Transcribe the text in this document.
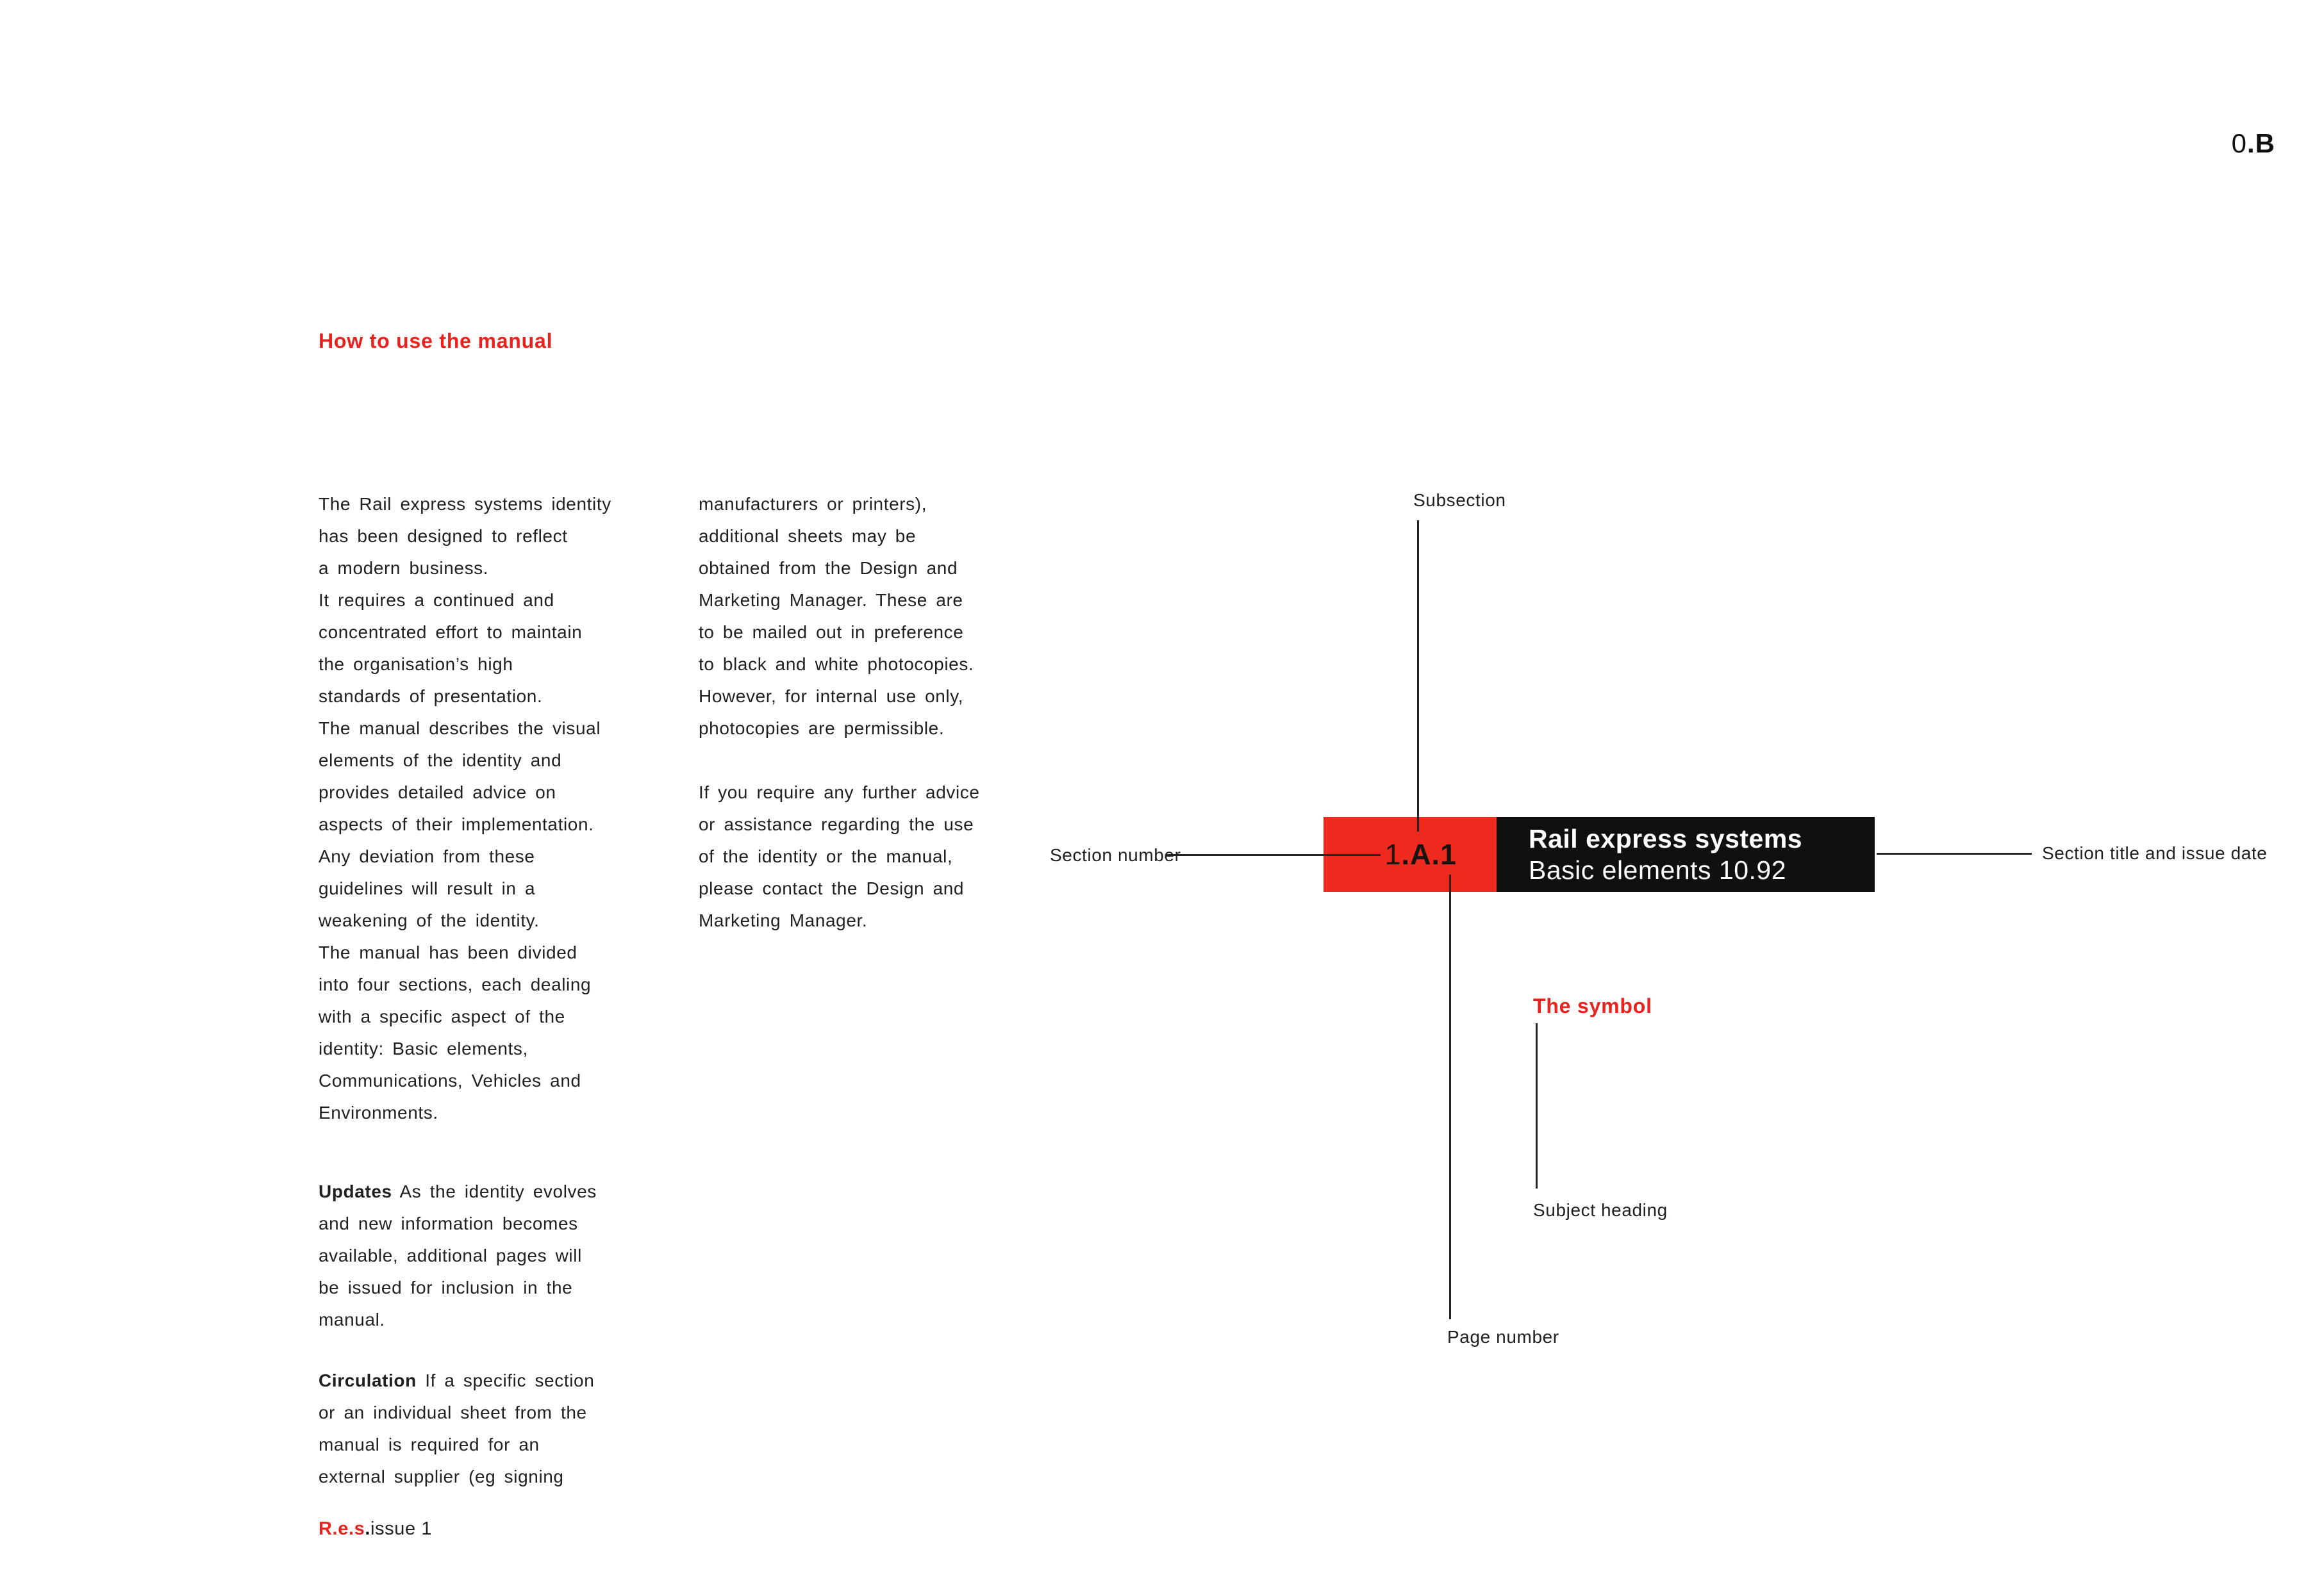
0.B
How to use the manual
The Rail express systems identity
has been designed to reflect
a modern business.
It requires a continued and
concentrated effort to maintain
the organisation’s high
standards of presentation.
The manual describes the visual
elements of the identity and
provides detailed advice on
aspects of their implementation.
Any deviation from these
guidelines will result in a
weakening of the identity.
The manual has been divided
into four sections, each dealing
with a specific aspect of the
identity: Basic elements,
Communications, Vehicles and
Environments.
Updates As the identity evolves
and new information becomes
available, additional pages will
be issued for inclusion in the
manual.
Circulation If a specific section
or an individual sheet from the
manual is required for an
external supplier (eg signing
manufacturers or printers),
additional sheets may be
obtained from the Design and
Marketing Manager. These are
to be mailed out in preference
to black and white photocopies.
However, for internal use only,
photocopies are permissible.
If you require any further advice
or assistance regarding the use
of the identity or the manual,
please contact the Design and
Marketing Manager.
1 .A.1	Rail express systems
Basic elements 10.92
Subsection
Section number	Section title and issue date
Page number
Subject heading
The symbol
R.e.s.issue 1
